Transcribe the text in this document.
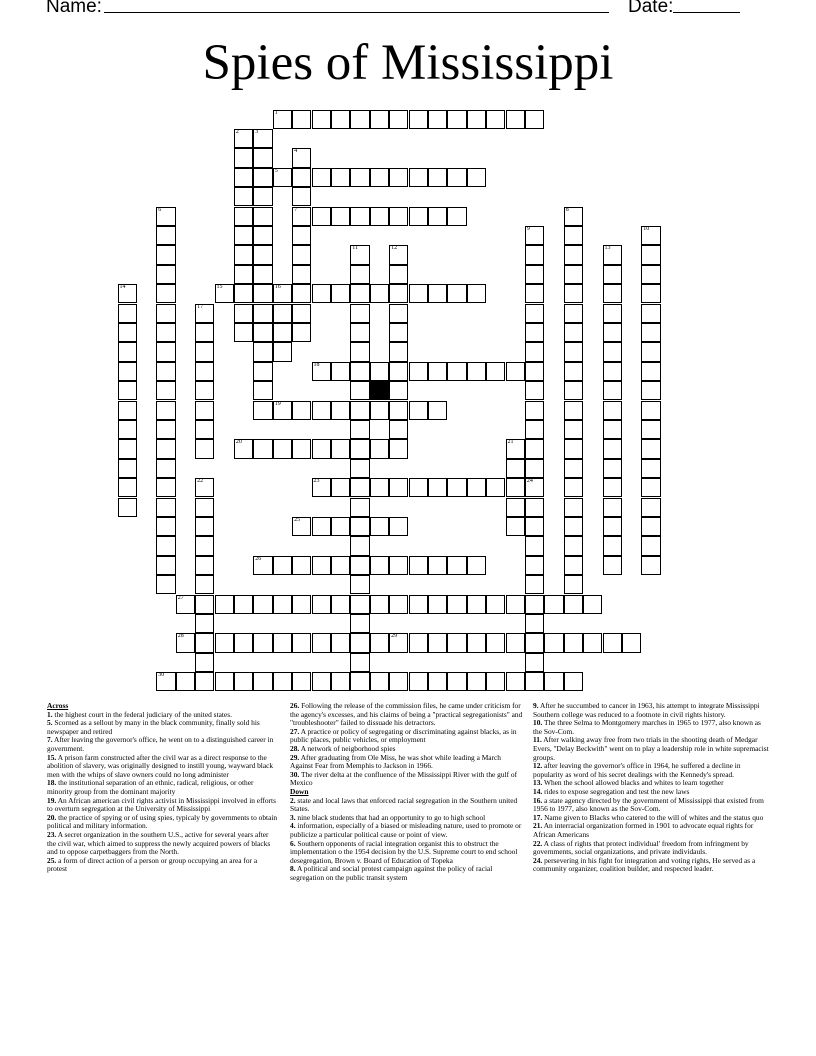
Name:	Date:
Spies of Mississippi
1
2	3
4
7
5
6	8
9
24
10
11	12	13
14	15	16
17
18
19
20	21
22	23
25
26
27
28	29
30

Across

1. the highest court in the federal judiciary of the united states.

5. Scorned as a sellout by many in the black community, finally sold his newspaper and retired

7. After leaving the governor's office, he went on to a distinguished career in government.

15. A prison farm constructed after the civil war as a direct response to the abolition of slavery, was originally designed to instill young, wayward black men with the whips of slave owners could no long administer

18. the institutional separation of an ethnic, radical, religious, or other minority group from the dominant majority

19. An African american civil rights activist in Mississippi involved in efforts to overturn segregation at the University of Mississippi

20. the practice of spying or of using spies, typicaly by governments to obtain political and military information.

23. A secret organization in the southern U.S., active for several years after the civil war, which aimed to suppress the newly acquired powers of blacks and to oppose carpetbaggers from the North.

25. a form of direct action of a person or group occupying an area for a protest

26. Following the release of the commission files, he came under criticism for the agency's excesses, and his claims of being a "practical segregationists" and "troubleshooter" failed to dissuade his detractors.

27. A practice or policy of segregating or discriminating against blacks, as in public places, public vehicles, or employment

28. A network of neigborhood spies

29. After graduating from Ole Miss, he was shot while leading a March Against Fear from Memphis to Jackson in 1966.

30. The river delta at the confluence of the Mississippi River with the gulf of Mexico

Down

2. state and local laws that enforced racial segregation in the Southern united States.

3. nine black students that had an opportunity to go to high school

4. information, especially of a biased or misleading nature, used to promote or publicize a particular political cause or point of view.

6. Southern opponents of racial integration organist this to obstruct the implementation o the 1954 decision by the U.S. Supreme court to end school desegregation, Brown v. Board of Education of Topeka

8. A political and social protest campaign against the policy of racial segregation on the public transit system

9. After he succumbed to cancer in 1963, his attempt to integrate Mississippi Southern college was reduced to a footnote in civil rights history.

10. The three Selma to Montgomery marches in 1965 to 1977, also known as the Sov-Com.

11. After walking away free from two trials in the shooting death of Medgar Evers, "Delay Beckwith" went on to play a leadership role in white supremacist groups.

12. after leaving the governor's office in 1964, he suffered a decline in popularity as word of his secret dealings with the Kennedy's spread.

13. When the school allowed blacks and whites to learn together

14. rides to expose segregation and test the new laws

16. a state agency directed by the government of Mississippi that existed from 1956 to 1977, also known as the Sov-Com.

17. Name given to Blacks who catered to the will of whites and the status quo

21. An interracial organization formed in 1901 to advocate equal rights for African Americans

22. A class of rights that protect individual' freedom from infringment by governments, social organizations, and private individauls.

24. persevering in his fight for integration and voting rights, He served as a community organizer, coalition builder, and respected leader.
